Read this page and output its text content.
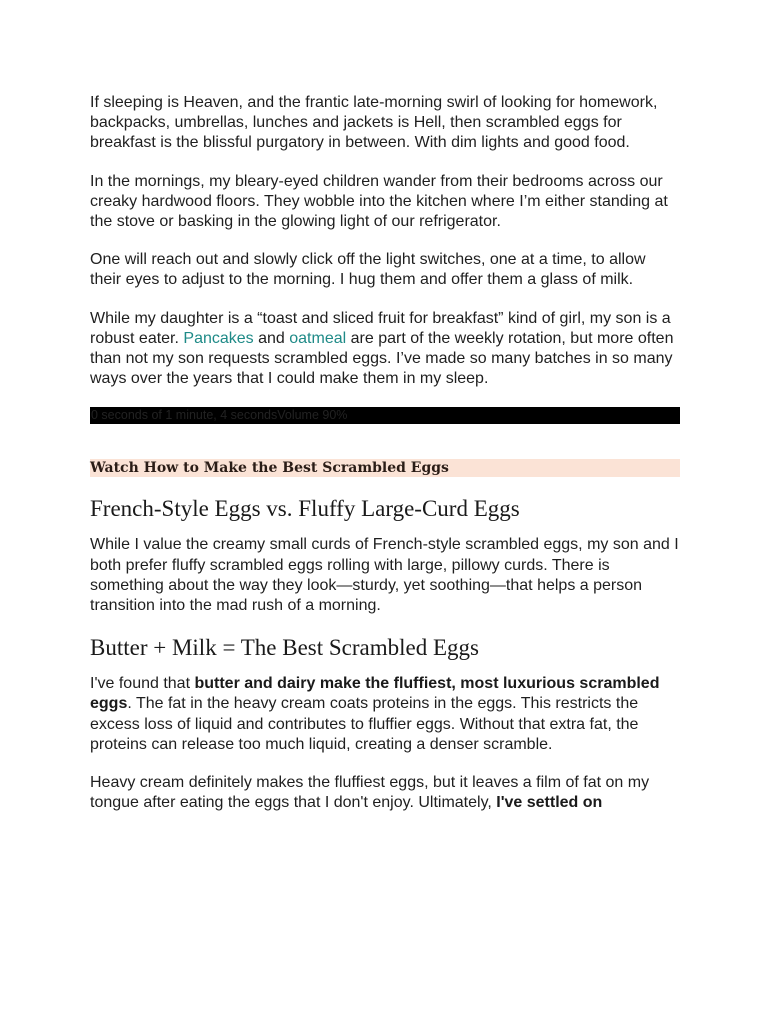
If sleeping is Heaven, and the frantic late-morning swirl of looking for homework, backpacks, umbrellas, lunches and jackets is Hell, then scrambled eggs for breakfast is the blissful purgatory in between. With dim lights and good food.

In the mornings, my bleary-eyed children wander from their bedrooms across our creaky hardwood floors. They wobble into the kitchen where I’m either standing at the stove or basking in the glowing light of our refrigerator.

One will reach out and slowly click off the light switches, one at a time, to allow their eyes to adjust to the morning. I hug them and offer them a glass of milk.

While my daughter is a “toast and sliced fruit for breakfast” kind of girl, my son is a robust eater. Pancakes and oatmeal are part of the weekly rotation, but more often than not my son requests scrambled eggs. I’ve made so many batches in so many ways over the years that I could make them in my sleep.

0 seconds of 1 minute, 4 secondsVolume 90%
Watch How to Make the Best Scrambled Eggs
French-Style Eggs vs. Fluffy Large-Curd Eggs

While I value the creamy small curds of French-style scrambled eggs, my son and I both prefer fluffy scrambled eggs rolling with large, pillowy curds. There is something about the way they look—sturdy, yet soothing—that helps a person transition into the mad rush of a morning.

Butter + Milk = The Best Scrambled Eggs

I've found that butter and dairy make the fluffiest, most luxurious scrambled eggs. The fat in the heavy cream coats proteins in the eggs. This restricts the excess loss of liquid and contributes to fluffier eggs. Without that extra fat, the proteins can release too much liquid, creating a denser scramble.

Heavy cream definitely makes the fluffiest eggs, but it leaves a film of fat on my tongue after eating the eggs that I don't enjoy. Ultimately, I've settled on
